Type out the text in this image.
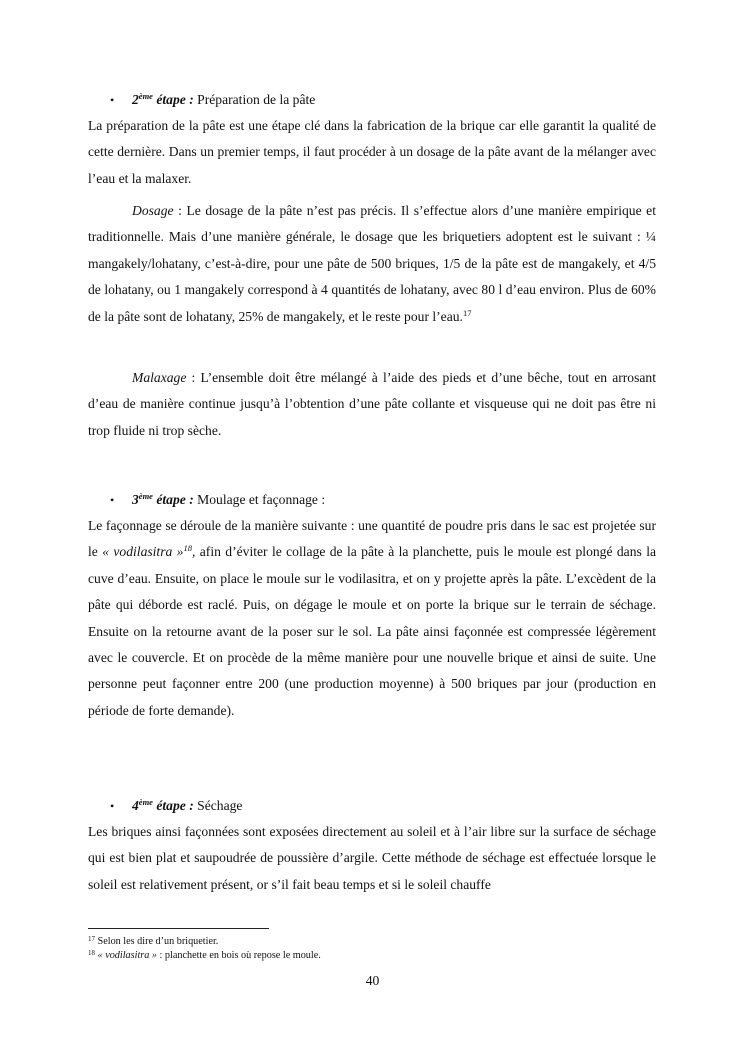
• 2ème étape : Préparation de la pâte

La préparation de la pâte est une étape clé dans la fabrication de la brique car elle garantit la qualité de cette dernière. Dans un premier temps, il faut procéder à un dosage de la pâte avant de la mélanger avec l’eau et la malaxer.

Dosage : Le dosage de la pâte n’est pas précis. Il s’effectue alors d’une manière empirique et traditionnelle. Mais d’une manière générale, le dosage que les briquetiers adoptent est le suivant : ¼ mangakely/lohatany, c’est-à-dire, pour une pâte de 500 briques, 1/5 de la pâte est de mangakely, et 4/5 de lohatany, ou 1 mangakely correspond à 4 quantités de lohatany, avec 80 l d’eau environ. Plus de 60% de la pâte sont de lohatany, 25% de mangakely, et le reste pour l’eau.$^{17}$

Malaxage : L’ensemble doit être mélangé à l’aide des pieds et d’une bêche, tout en arrosant d’eau de manière continue jusqu’à l’obtention d’une pâte collante et visqueuse qui ne doit pas être ni trop fluide ni trop sèche.

• 3ème étape : Moulage et façonnage :

Le façonnage se déroule de la manière suivante : une quantité de poudre pris dans le sac est projetée sur le « vodilasitra »$^{18}$, afin d’éviter le collage de la pâte à la planchette, puis le moule est plongé dans la cuve d’eau. Ensuite, on place le moule sur le vodilasitra, et on y projette après la pâte. L’excèdent de la pâte qui déborde est raclé. Puis, on dégage le moule et on porte la brique sur le terrain de séchage. Ensuite on la retourne avant de la poser sur le sol. La pâte ainsi façonnée est compressée légèrement avec le couvercle. Et on procède de la même manière pour une nouvelle brique et ainsi de suite. Une personne peut façonner entre 200 (une production moyenne) à 500 briques par jour (production en période de forte demande).

• 4ème étape : Séchage

Les briques ainsi façonnées sont exposées directement au soleil et à l’air libre sur la surface de séchage qui est bien plat et saupoudrée de poussière d’argile. Cette méthode de séchage est effectuée lorsque le soleil est relativement présent, or s’il fait beau temps et si le soleil chauffe

$^{17}$ Selon les dire d’un briquetier.
$^{18}$ « vodilasitra » : planchette en bois où repose le moule.
40
